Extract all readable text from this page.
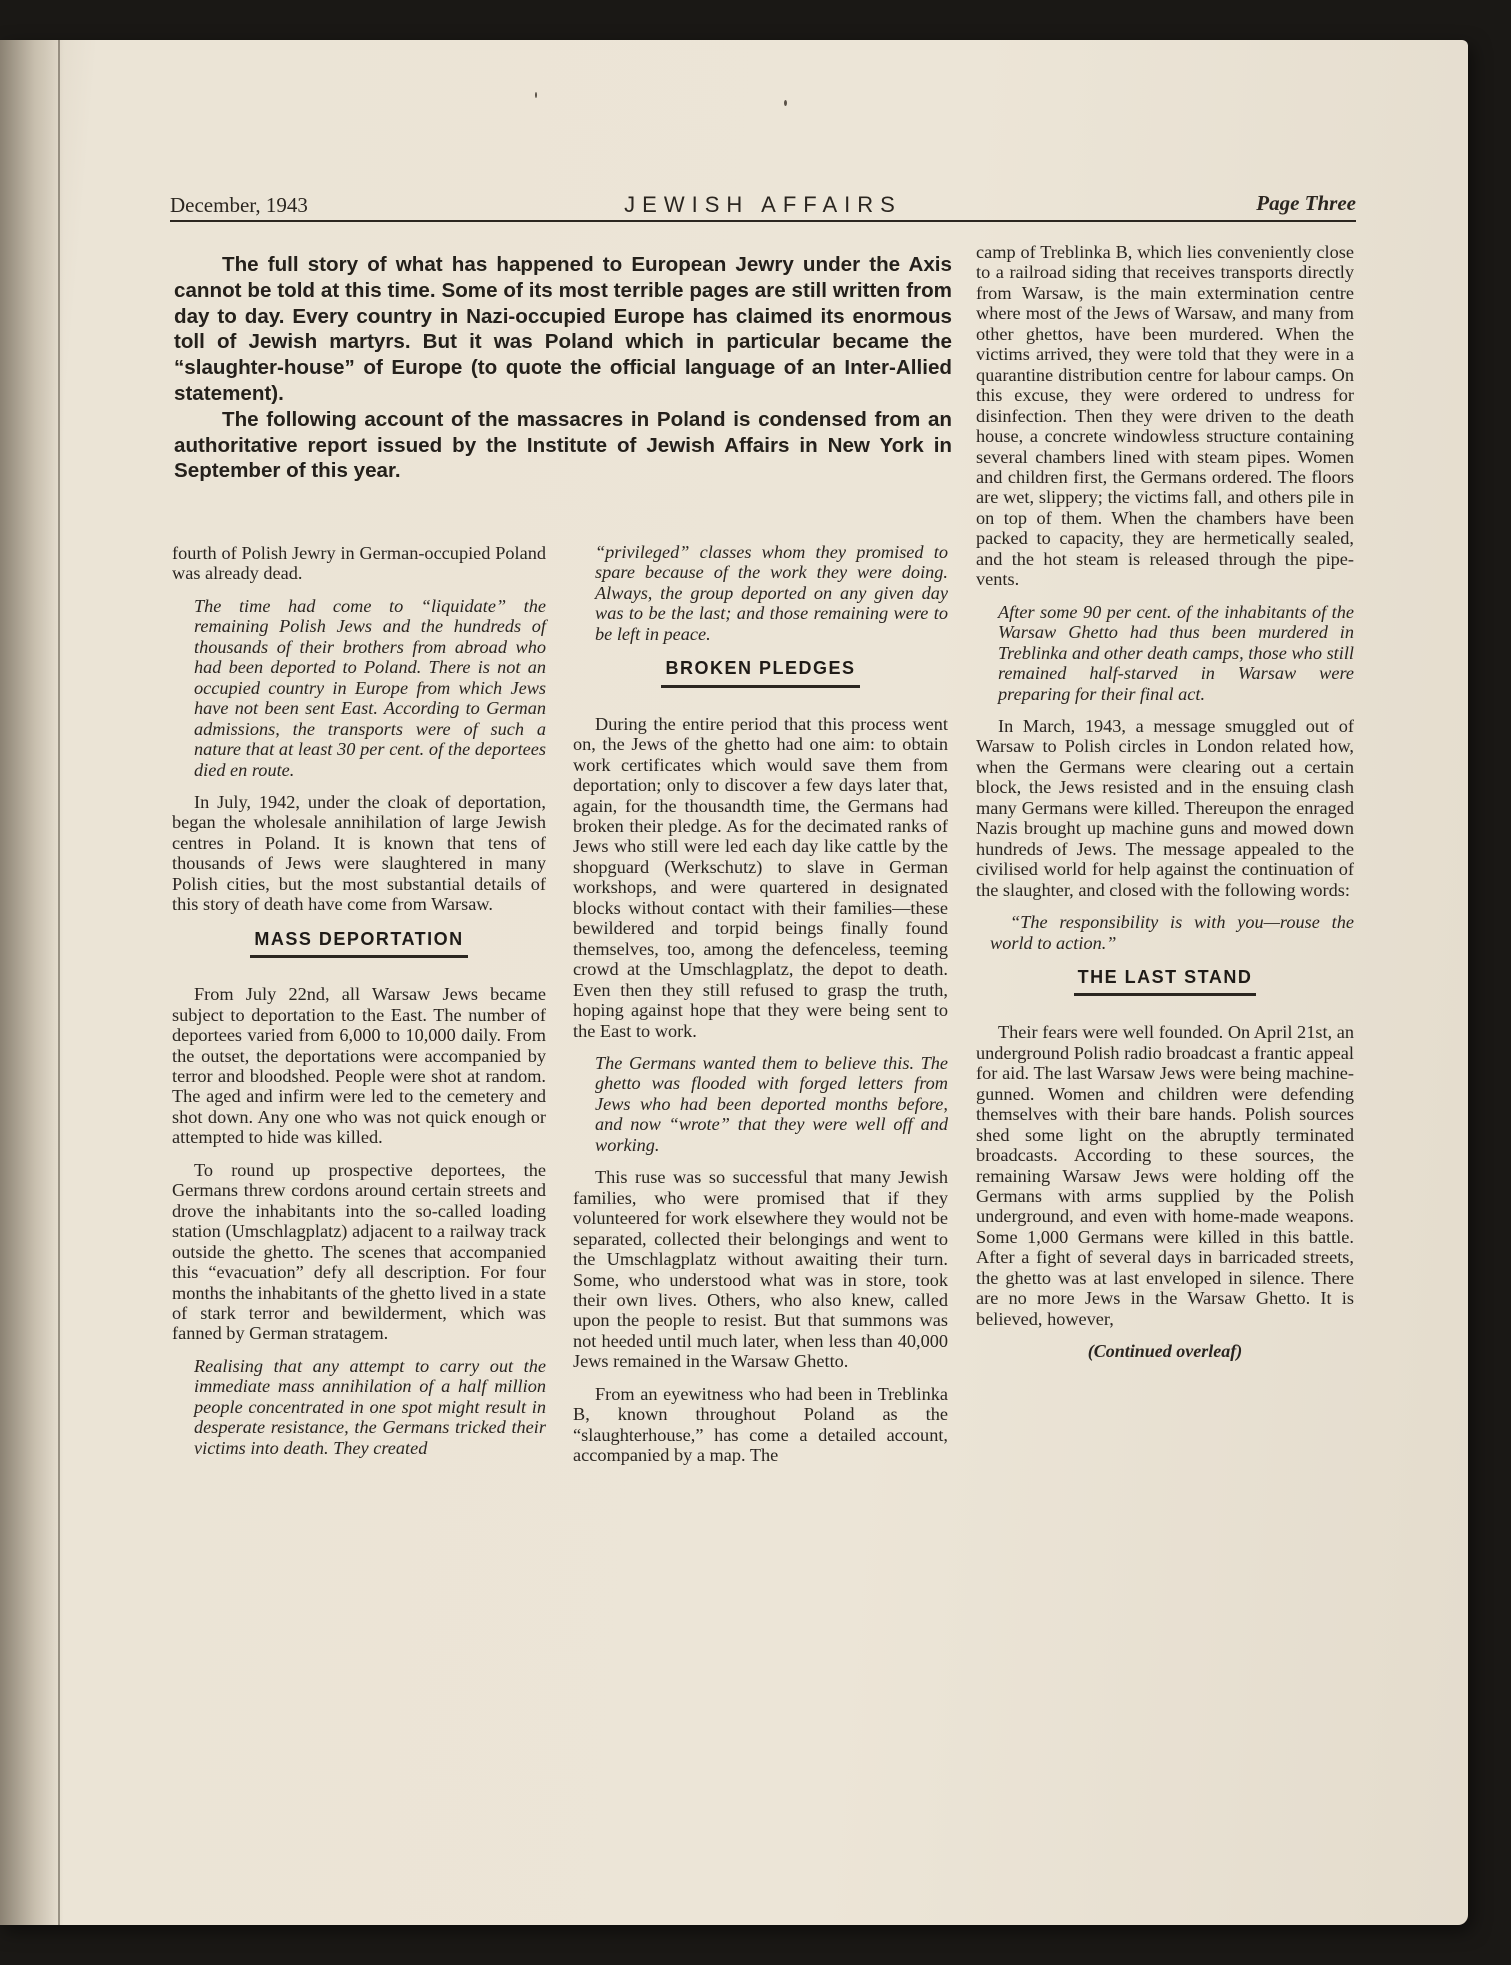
December, 1943	JEWISH AFFAIRS	Page Three

The full story of what has happened to European Jewry under the Axis cannot be told at this time. Some of its most terrible pages are still written from day to day. Every country in Nazi-occupied Europe has claimed its enormous toll of Jewish martyrs. But it was Poland which in particular became the “slaughter-house” of Europe (to quote the official language of an Inter-Allied statement).

The following account of the massacres in Poland is condensed from an authoritative report issued by the Institute of Jewish Affairs in New York in September of this year.

fourth of Polish Jewry in German-occupied Poland was already dead.

The time had come to “liquidate” the remaining Polish Jews and the hundreds of thousands of their brothers from abroad who had been deported to Poland. There is not an occupied country in Europe from which Jews have not been sent East. According to German admissions, the transports were of such a nature that at least 30 per cent. of the deportees died en route.

In July, 1942, under the cloak of deportation, began the wholesale annihilation of large Jewish centres in Poland. It is known that tens of thousands of Jews were slaughtered in many Polish cities, but the most substantial details of this story of death have come from Warsaw.

MASS DEPORTATION

From July 22nd, all Warsaw Jews became subject to deportation to the East. The number of deportees varied from 6,000 to 10,000 daily. From the outset, the deportations were accompanied by terror and bloodshed. People were shot at random. The aged and infirm were led to the cemetery and shot down. Any one who was not quick enough or attempted to hide was killed.

To round up prospective deportees, the Germans threw cordons around certain streets and drove the inhabitants into the so-called loading station (Umschlagplatz) adjacent to a railway track outside the ghetto. The scenes that accompanied this “evacuation” defy all description. For four months the inhabitants of the ghetto lived in a state of stark terror and bewilderment, which was fanned by German stratagem.

Realising that any attempt to carry out the immediate mass annihilation of a half million people concentrated in one spot might result in desperate resistance, the Germans tricked their victims into death. They created

“privileged” classes whom they promised to spare because of the work they were doing. Always, the group deported on any given day was to be the last; and those remaining were to be left in peace.

BROKEN PLEDGES

During the entire period that this process went on, the Jews of the ghetto had one aim: to obtain work certificates which would save them from deportation; only to discover a few days later that, again, for the thousandth time, the Germans had broken their pledge. As for the decimated ranks of Jews who still were led each day like cattle by the shopguard (Werkschutz) to slave in German workshops, and were quartered in designated blocks without contact with their families—these bewildered and torpid beings finally found themselves, too, among the defenceless, teeming crowd at the Umschlagplatz, the depot to death. Even then they still refused to grasp the truth, hoping against hope that they were being sent to the East to work.

The Germans wanted them to believe this. The ghetto was flooded with forged letters from Jews who had been deported months before, and now “wrote” that they were well off and working.

This ruse was so successful that many Jewish families, who were promised that if they volunteered for work elsewhere they would not be separated, collected their belongings and went to the Umschlagplatz without awaiting their turn. Some, who understood what was in store, took their own lives. Others, who also knew, called upon the people to resist. But that summons was not heeded until much later, when less than 40,000 Jews remained in the Warsaw Ghetto.

From an eyewitness who had been in Treblinka B, known throughout Poland as the “slaughterhouse,” has come a detailed account, accompanied by a map. The

camp of Treblinka B, which lies conveniently close to a railroad siding that receives transports directly from Warsaw, is the main extermination centre where most of the Jews of Warsaw, and many from other ghettos, have been murdered. When the victims arrived, they were told that they were in a quarantine distribution centre for labour camps. On this excuse, they were ordered to undress for disinfection. Then they were driven to the death house, a concrete windowless structure containing several chambers lined with steam pipes. Women and children first, the Germans ordered. The floors are wet, slippery; the victims fall, and others pile in on top of them. When the chambers have been packed to capacity, they are hermetically sealed, and the hot steam is released through the pipe-vents.

After some 90 per cent. of the inhabitants of the Warsaw Ghetto had thus been murdered in Treblinka and other death camps, those who still remained half-starved in Warsaw were preparing for their final act.

In March, 1943, a message smuggled out of Warsaw to Polish circles in London related how, when the Germans were clearing out a certain block, the Jews resisted and in the ensuing clash many Germans were killed. Thereupon the enraged Nazis brought up machine guns and mowed down hundreds of Jews. The message appealed to the civilised world for help against the continuation of the slaughter, and closed with the following words:

“The responsibility is with you—rouse the world to action.”

THE LAST STAND

Their fears were well founded. On April 21st, an underground Polish radio broadcast a frantic appeal for aid. The last Warsaw Jews were being machine-gunned. Women and children were defending themselves with their bare hands. Polish sources shed some light on the abruptly terminated broadcasts. According to these sources, the remaining Warsaw Jews were holding off the Germans with arms supplied by the Polish underground, and even with home-made weapons. Some 1,000 Germans were killed in this battle. After a fight of several days in barricaded streets, the ghetto was at last enveloped in silence. There are no more Jews in the Warsaw Ghetto. It is believed, however,

(Continued overleaf)
